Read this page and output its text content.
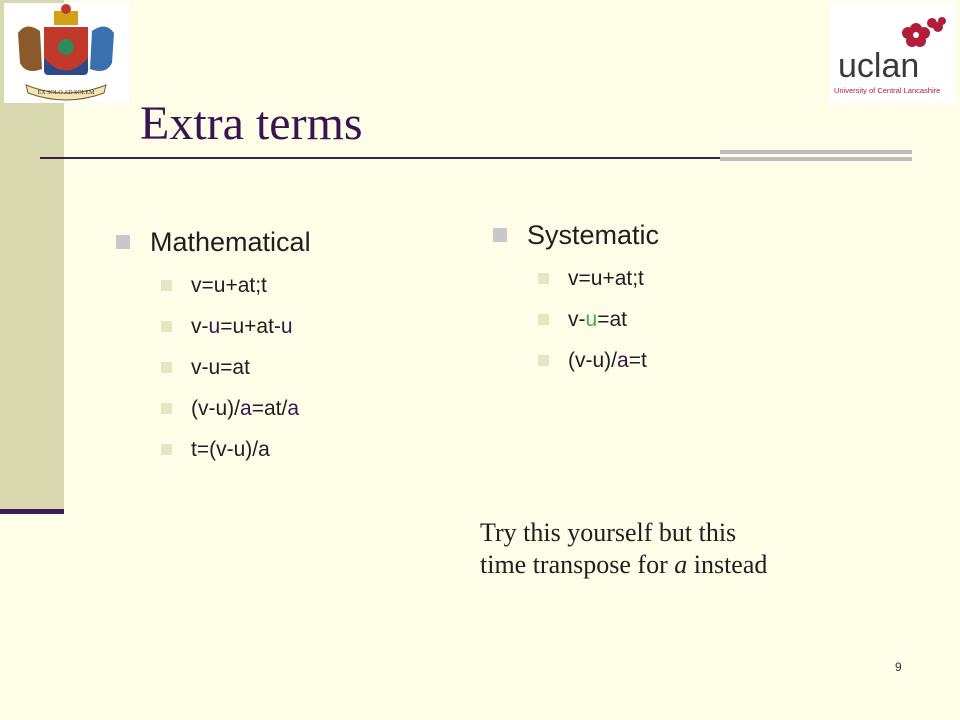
EX SOLO AD SOLEM
uclan
University of Central Lancashire
Extra terms
Mathematical
v=u+at;t
v-u=u+at-u
v-u=at
(v-u)/a=at/a
t=(v-u)/a
Systematic
v=u+at;t
v-u=at
(v-u)/a=t
Try this yourself but this
time transpose for a instead
9
